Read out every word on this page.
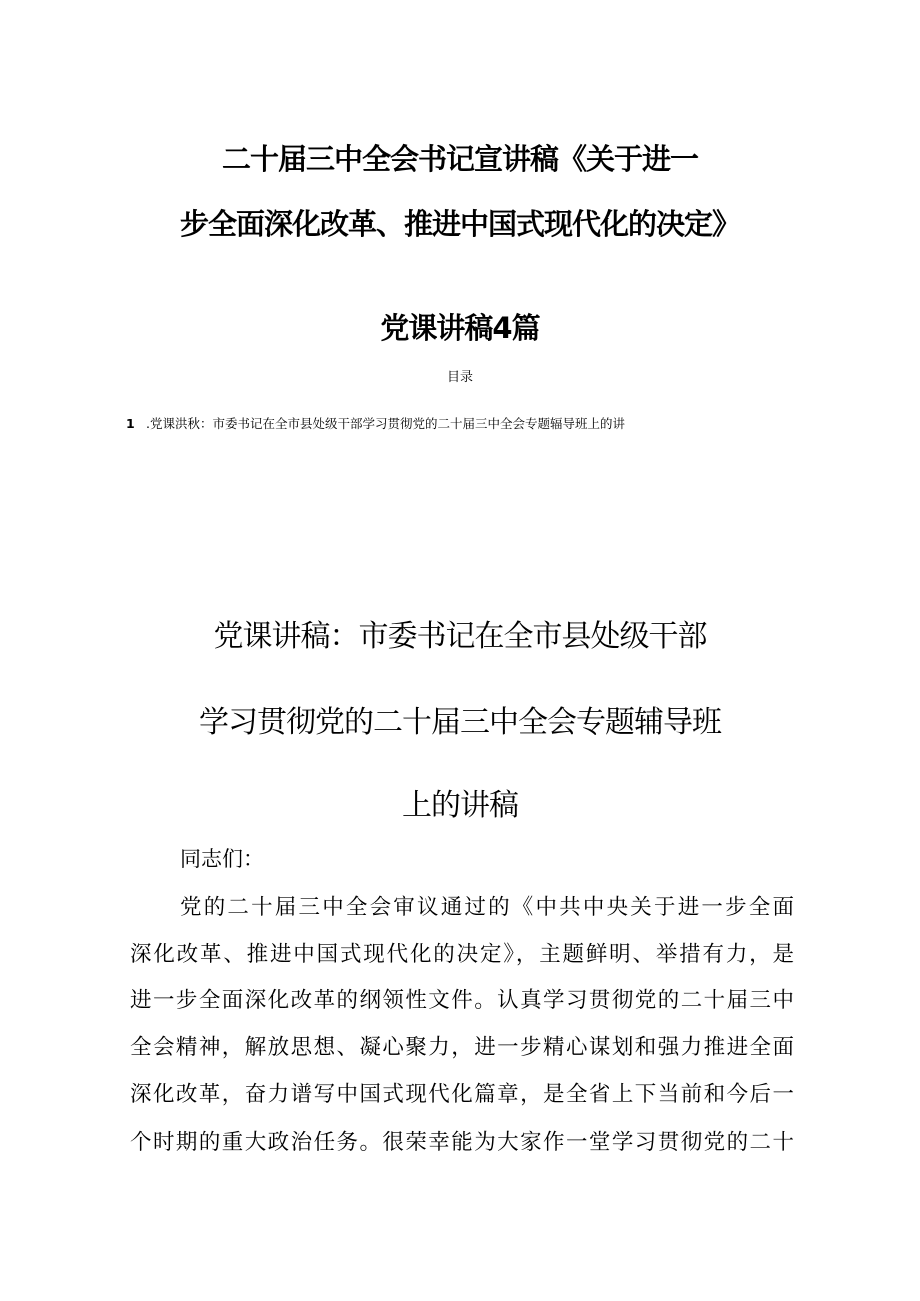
二十届三中全会书记宣讲稿《关于进一
步全面深化改革、推进中国式现代化的决定》
党课讲稿4篇
目录
1 .党课洪秋：市委书记在全市县处级干部学习贯彻党的二十届三中全会专题辐导班上的讲
党课讲稿：市委书记在全市县处级干部
学习贯彻党的二十届三中全会专题辅导班
上的讲稿
同志们：
党的二十届三中全会审议通过的《中共中央关于进一步全面
深化改革、推进中国式现代化的决定》，主题鲜明、举措有力，是
进一步全面深化改革的纲领性文件。认真学习贯彻党的二十届三中
全会精神，解放思想、凝心聚力，进一步精心谋划和强力推进全面
深化改革，奋力谱写中国式现代化篇章，是全省上下当前和今后一
个时期的重大政治任务。很荣幸能为大家作一堂学习贯彻党的二十
